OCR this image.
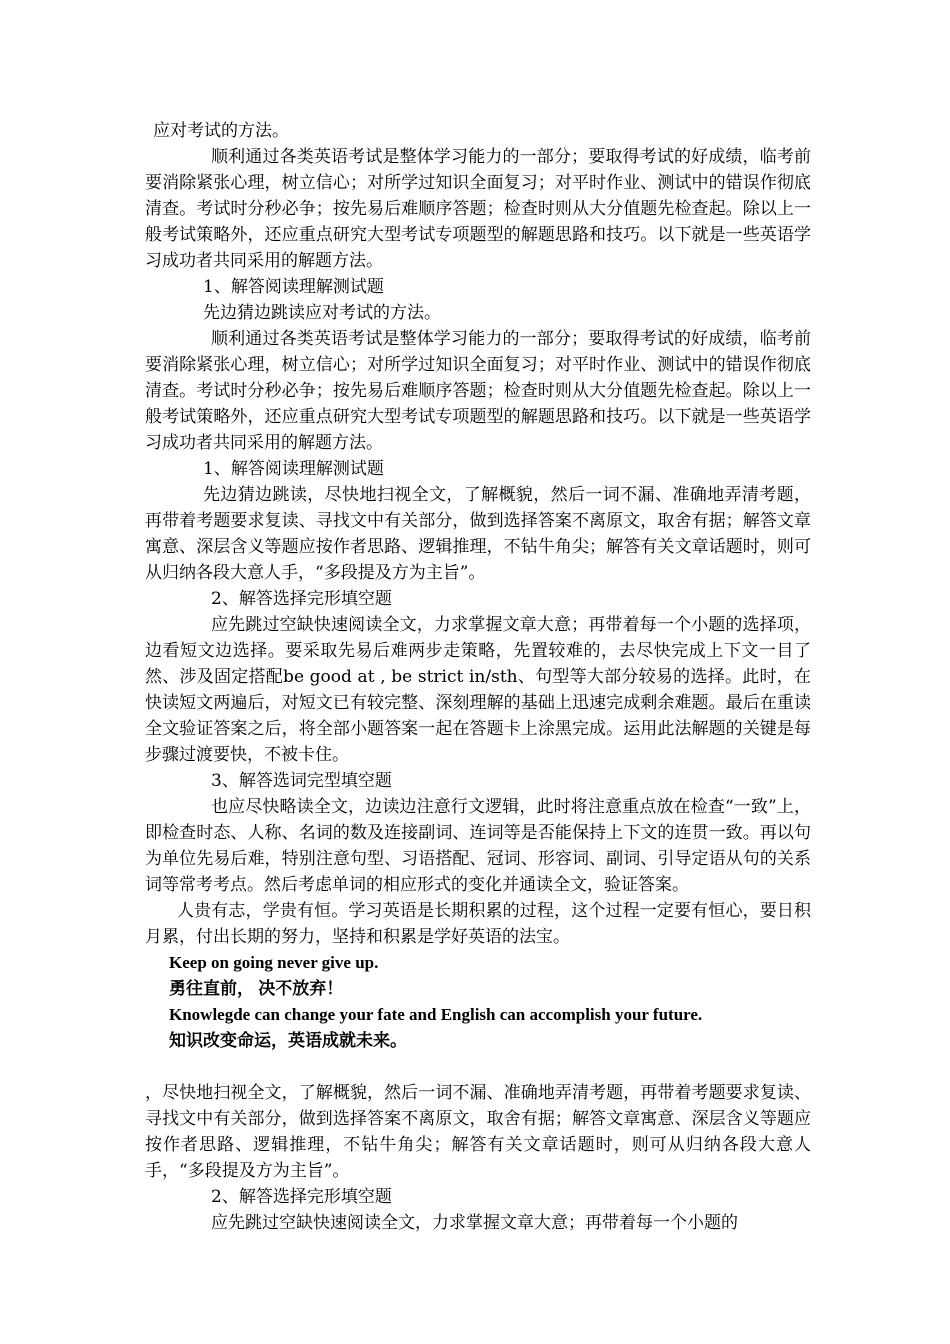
应对考试的方法。

顺利通过各类英语考试是整体学习能力的一部分；要取得考试的好成绩，临考前要消除紧张心理，树立信心；对所学过知识全面复习；对平时作业、测试中的错误作彻底清查。考试时分秒必争；按先易后难顺序答题；检查时则从大分值题先检查起。除以上一般考试策略外，还应重点研究大型考试专项题型的解题思路和技巧。以下就是一些英语学习成功者共同采用的解题方法。

1、解答阅读理解测试题

先边猜边跳读应对考试的方法。

顺利通过各类英语考试是整体学习能力的一部分；要取得考试的好成绩，临考前要消除紧张心理，树立信心；对所学过知识全面复习；对平时作业、测试中的错误作彻底清查。考试时分秒必争；按先易后难顺序答题；检查时则从大分值题先检查起。除以上一般考试策略外，还应重点研究大型考试专项题型的解题思路和技巧。以下就是一些英语学习成功者共同采用的解题方法。

1、解答阅读理解测试题

先边猜边跳读，尽快地扫视全文，了解概貌，然后一词不漏、准确地弄清考题，再带着考题要求复读、寻找文中有关部分，做到选择答案不离原文，取舍有据；解答文章寓意、深层含义等题应按作者思路、逻辑推理，不钻牛角尖；解答有关文章话题时，则可从归纳各段大意人手，“多段提及方为主旨”。

2、解答选择完形填空题

应先跳过空缺快速阅读全文，力求掌握文章大意；再带着每一个小题的选择项，边看短文边选择。要采取先易后难两步走策略，先置较难的，去尽快完成上下文一目了然、涉及固定搭配be good at , be strict in/sth、句型等大部分较易的选择。此时，在快读短文两遍后，对短文已有较完整、深刻理解的基础上迅速完成剩余难题。最后在重读全文验证答案之后，将全部小题答案一起在答题卡上涂黑完成。运用此法解题的关键是每步骤过渡要快，不被卡住。

3、解答选词完型填空题

也应尽快略读全文，边读边注意行文逻辑，此时将注意重点放在检查“一致”上，即检查时态、人称、名词的数及连接副词、连词等是否能保持上下文的连贯一致。再以句为单位先易后难，特别注意句型、习语搭配、冠词、形容词、副词、引导定语从句的关系词等常考考点。然后考虑单词的相应形式的变化并通读全文，验证答案。

人贵有志，学贵有恒。学习英语是长期积累的过程，这个过程一定要有恒心，要日积月累，付出长期的努力，坚持和积累是学好英语的法宝。

Keep on going never give up.

勇往直前， 决不放弃！

Knowlegde can change your fate and English can accomplish your future.

知识改变命运，英语成就未来。

，尽快地扫视全文，了解概貌，然后一词不漏、准确地弄清考题，再带着考题要求复读、寻找文中有关部分，做到选择答案不离原文，取舍有据；解答文章寓意、深层含义等题应按作者思路、逻辑推理，不钻牛角尖；解答有关文章话题时，则可从归纳各段大意人手，“多段提及方为主旨”。

2、解答选择完形填空题

应先跳过空缺快速阅读全文，力求掌握文章大意；再带着每一个小题的
